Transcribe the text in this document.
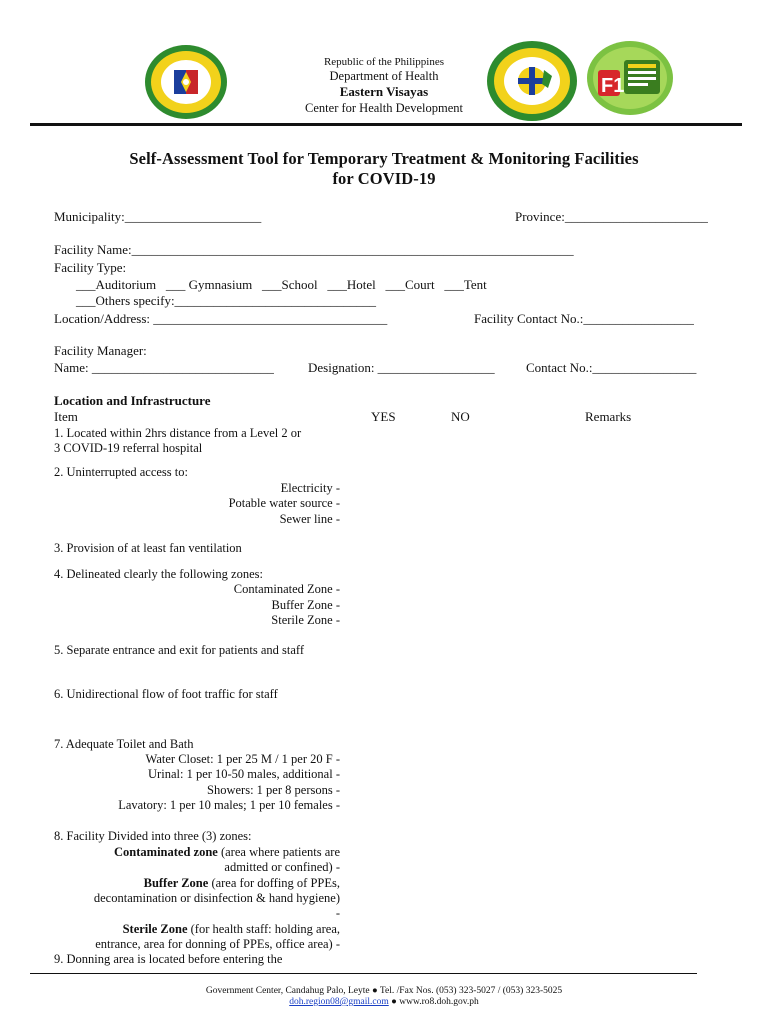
Republic of the Philippines
Department of Health
Eastern Visayas
Center for Health Development
F1
Self-Assessment Tool for Temporary Treatment & Monitoring Facilities
for COVID-19
Municipality:_____________________	Province:______________________
Facility Name:____________________________________________________________________
Facility Type:
___Auditorium   ___ Gymnasium   ___School   ___Hotel   ___Court   ___Tent
___Others specify:_______________________________
Location/Address: ____________________________________	Facility Contact No.:_________________
Facility Manager:
Name: ____________________________	Designation: __________________ Contact No.:________________
Location and Infrastructure
Item	YES	NO	Remarks
1. Located within 2hrs distance from a Level 2 or
3 COVID-19 referral hospital
2. Uninterrupted access to:
Electricity -
Potable water source -
Sewer line -
3. Provision of at least fan ventilation
4. Delineated clearly the following zones:
Contaminated Zone -
Buffer Zone -
Sterile Zone -
5. Separate entrance and exit for patients and staff
6. Unidirectional flow of foot traffic for staff
7. Adequate Toilet and Bath
Water Closet: 1 per 25 M / 1 per 20 F -
Urinal: 1 per 10-50 males, additional -
Showers: 1 per 8 persons -
Lavatory: 1 per 10 males; 1 per 10 females -
8. Facility Divided into three (3) zones:
Contaminated zone (area where patients are
admitted or confined) -
Buffer Zone (area for doffing of PPEs,
decontamination or disinfection & hand hygiene)
-
Sterile Zone (for health staff: holding area,
entrance, area for donning of PPEs, office area) -
9. Donning area is located before entering the
Government Center, Candahug Palo, Leyte ● Tel. /Fax Nos. (053) 323-5027 / (053) 323-5025
doh.region08@gmail.com ● www.ro8.doh.gov.ph
